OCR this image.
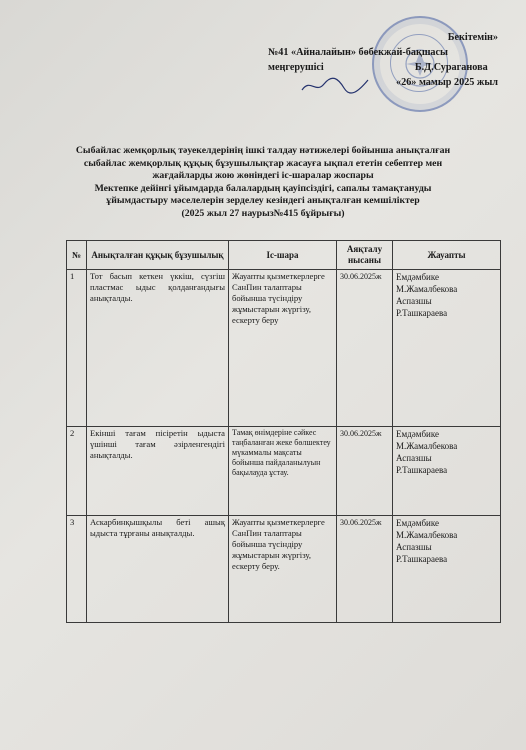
Бекітемін»
№41 «Айналайын» бөбекжай-бақшасы
меңгерушісі	Б.Д.Сураганова
«26» мамыр 2025 жыл
Сыбайлас жемқорлық тәуекелдерінің ішкі талдау нәтижелері бойынша анықталған
сыбайлас жемқорлық құқық бұзушылықтар жасауға ықпал ететін себептер мен
жағдайларды жою жөніндегі іс-шаралар жоспары
Мектепке дейінгі ұйымдарда балалардың қауіпсіздігі, сапалы тамақтануды
ұйымдастыру мәселелерін зерделеу кезіндегі анықталған кемшіліктер
(2025 жыл 27 наурыз№415 бұйрығы)
№	Анықталған құқық бұзушылық	Іс-шара	Аяқталу нысаны	Жауапты
1	Тот басып кеткен үккіш, сүзгіш пластмас ыдыс қолданғандығы анықталды.	Жауапты қызметкерлерге СанПин талаптары бойынша түсіндіру жұмыстарын жүргізу, ескерту беру	30.06.2025ж	Емдәмбике
М.Жамалбекова
Аспазшы
Р.Ташкараева

2	Екінші тағам пісіретін ыдыста үшінші тағам әзірленгендігі анықталды.	Тамақ өнімдеріне сәйкес таңбаланған жеке бөлшектеу мүкаммалы мақсаты бойынша пайдаланылуын бақылауда ұстау.	30.06.2025ж	Емдәмбике
М.Жамалбекова
Аспазшы
Р.Ташкараева

3	Аскарбинқышқылы беті ашық ыдыста тұрғаны анықталды.	Жауапты қызметкерлерге СанПин талаптары бойынша түсіндіру жұмыстарын жүргізу, ескерту беру.	30.06.2025ж	Емдәмбике
М.Жамалбекова
Аспазшы
Р.Ташкараева
